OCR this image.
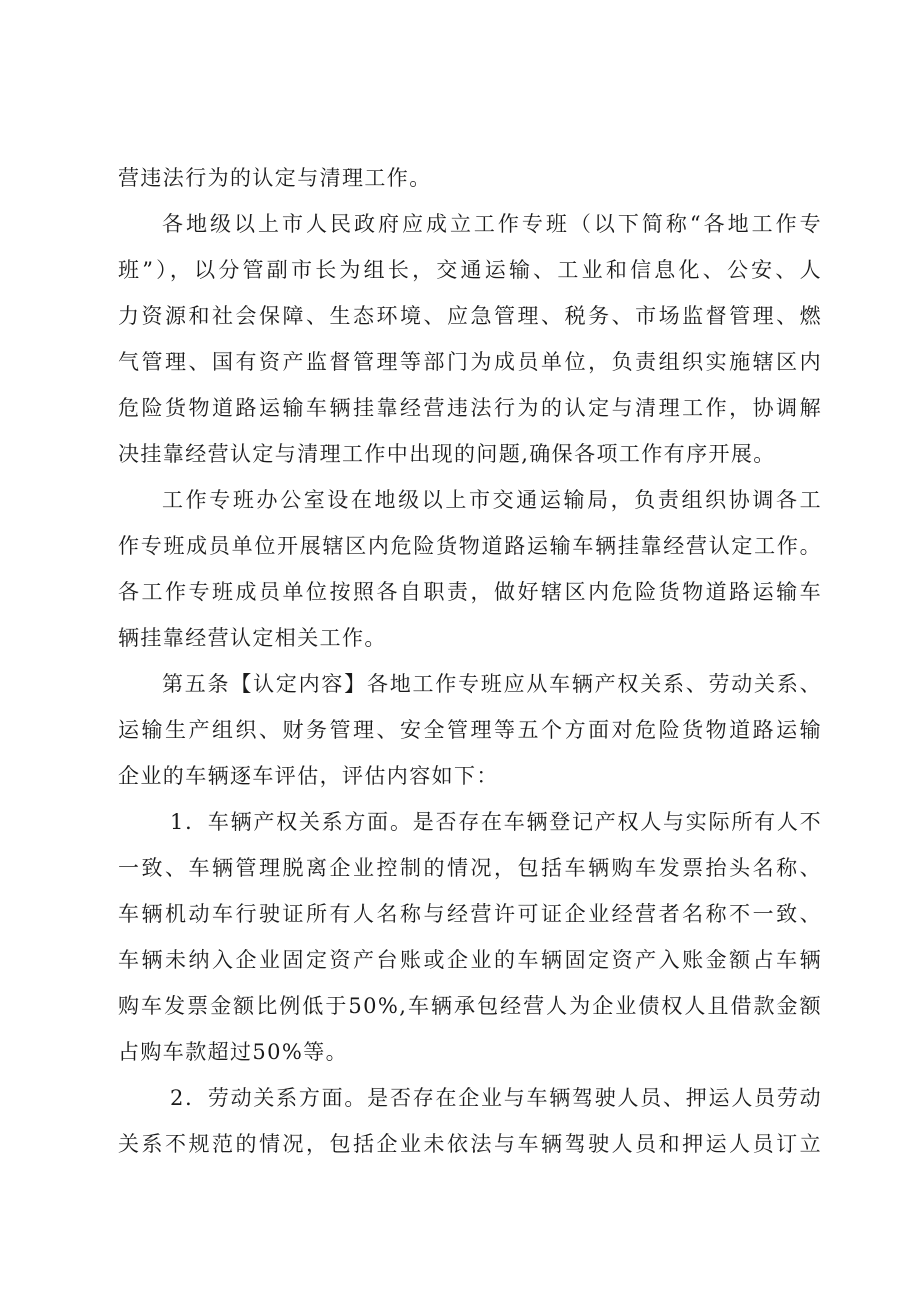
营违法行为的认定与清理工作。
各地级以上市人民政府应成立工作专班（以下简称“各地工作专
班”），以分管副市长为组长，交通运输、工业和信息化、公安、人
力资源和社会保障、生态环境、应急管理、税务、市场监督管理、燃
气管理、国有资产监督管理等部门为成员单位，负责组织实施辖区内
危险货物道路运输车辆挂靠经营违法行为的认定与清理工作，协调解
决挂靠经营认定与清理工作中出现的问题,确保各项工作有序开展。
工作专班办公室设在地级以上市交通运输局，负责组织协调各工
作专班成员单位开展辖区内危险货物道路运输车辆挂靠经营认定工作。
各工作专班成员单位按照各自职责，做好辖区内危险货物道路运输车
辆挂靠经营认定相关工作。
第五条【认定内容】各地工作专班应从车辆产权关系、劳动关系、
运输生产组织、财务管理、安全管理等五个方面对危险货物道路运输
企业的车辆逐车评估，评估内容如下：
1．车辆产权关系方面。是否存在车辆登记产权人与实际所有人不
一致、车辆管理脱离企业控制的情况，包括车辆购车发票抬头名称、
车辆机动车行驶证所有人名称与经营许可证企业经营者名称不一致、
车辆未纳入企业固定资产台账或企业的车辆固定资产入账金额占车辆
购车发票金额比例低于50%,车辆承包经营人为企业债权人且借款金额
占购车款超过50%等。
2．劳动关系方面。是否存在企业与车辆驾驶人员、押运人员劳动
关系不规范的情况，包括企业未依法与车辆驾驶人员和押运人员订立
